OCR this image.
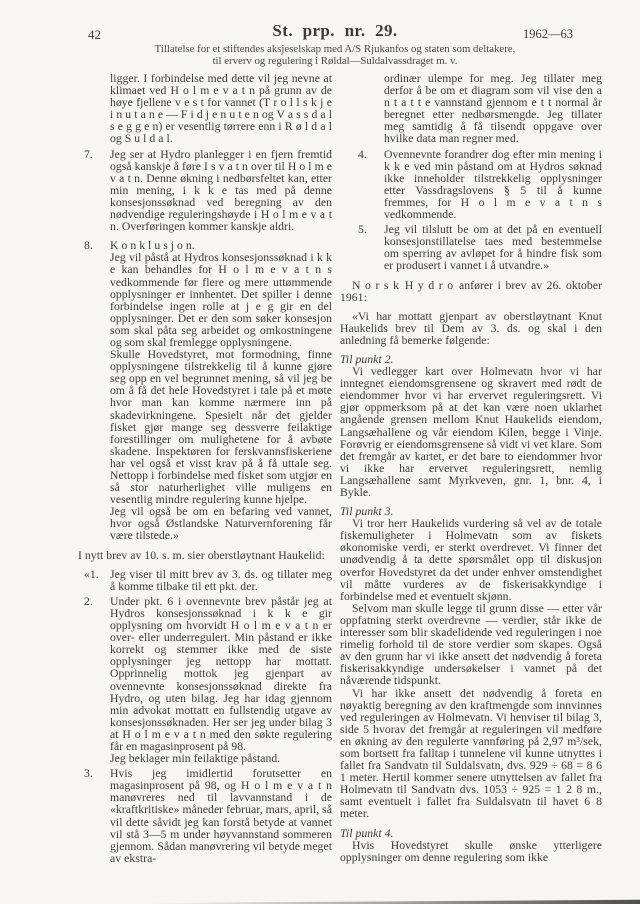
42	St. prp. nr. 29.	1962—63
Tillatelse for et stiftendes aksjeselskap med A/S Rjukanfos og staten som deltakere,
til erverv og regulering i Røldal—Suldalvassdraget m. v.
ligger. I forbindelse med dette vil jeg nevne at klimaet ved H o l m e v a t n på grunn av de høye fjellene v e s t for vannet (T r o l l s k j e i n u t a n e — F i d j e n u t e n og V a s s d a l s e g g e n) er vesentlig tørrere enn i R ø l d a l og S u l d a l.
7. Jeg ser at Hydro planlegger i en fjern fremtid også kanskje å føre I s v a t n over til H o l m e v a t n. Denne økning i nedbørsfeltet kan, etter min mening, i k k e tas med på denne konsesjonssøknad ved beregning av den nødvendige reguleringshøyde i H o l m e v a t n. Overføringen kommer kanskje aldri.

8. K o n k l u s j o n.

Jeg vil påstå at Hydros konsesjonssøknad i k k e kan behandles for H o l m e v a t n s vedkommende før flere og mere uttømmende opplysninger er innhentet. Det spiller i denne forbindelse ingen rolle at j e g gir en del opplysninger. Det er den som søker konsesjon som skal påta seg arbeidet og omkostningene og som skal fremlegge opplysningene.

Skulle Hovedstyret, mot formodning, finne opplysningene tilstrekkelig til å kunne gjøre seg opp en vel begrunnet mening, så vil jeg be om å få det hele Hovedstyret i tale på et møte hvor man kan komme nærmere inn på skadevirkningene. Spesielt når det gjelder fisket gjør mange seg dessverre feilaktige forestillinger om mulighetene for å avbøte skadene. Inspektøren for ferskvannsfiskeriene har vel også et visst krav på å få uttale seg. Nettopp i forbindelse med fisket som utgjør en så stor naturherlighet ville muligens en vesentlig mindre regulering kunne hjelpe.

Jeg vil også be om en befaring ved vannet, hvor også Østlandske Naturvernforening får være tilstede.»

I nytt brev av 10. s. m. sier oberstløytnant Haukelid:
«1. Jeg viser til mitt brev av 3. ds. og tillater meg å komme tilbake til ett pkt. der.

2. Under pkt. 6 i ovennevnte brev påstår jeg at Hydros konsesjonssøknad i k k e gir opplysning om hvorvidt H o l m e v a t n er over- eller underregulert. Min påstand er ikke korrekt og stemmer ikke med de siste opplysninger jeg nettopp har mottatt. Opprinnelig mottok jeg gjenpart av ovennevnte konsesjonssøknad direkte fra Hydro, og uten bilag. Jeg har idag gjennom min advokat mottatt en fullstendig utgave av konsesjonssøknaden. Her ser jeg under bilag 3 at H o l m e v a t n med den søkte regulering får en magasinprosent på 98.

Jeg beklager min feilaktige påstand.

3. Hvis jeg imidlertid forutsetter en magasinprosent på 98, og H o l m e v a t n manøvreres ned til lavvannstand i de «kraftkritiske» måneder februar, mars, april, så vil dette såvidt jeg kan forstå betyde at vannet vil stå 3—5 m under høyvannstand sommeren gjennom. Sådan manøvrering vil betyde meget av ekstra-

ordinær ulempe for meg. Jeg tillater meg derfor å be om et diagram som vil vise den a n t a t t e vannstand gjennom e t t normal år beregnet etter nedbørsmengde. Jeg tillater meg samtidig å få tilsendt oppgave over hvilke data man regner med.
4. Ovennevnte forandrer dog efter min mening i k k e ved min påstand om at Hydros søknad ikke inneholder tilstrekkelig opplysninger etter Vassdragslovens § 5 til å kunne fremmes, for H o l m e v a t n s vedkommende.

5. Jeg vil tilslutt be om at det på en eventuell konsesjonstillatelse taes med bestemmelse om sperring av avløpet for å hindre fisk som er produsert i vannet i å utvandre.»

N o r s k H y d r o anfører i brev av 26. oktober 1961:
«Vi har mottatt gjenpart av oberstløytnant Knut Haukelids brev til Dem av 3. ds. og skal i den anledning få bemerke følgende:
Til punkt 2.
Vi vedlegger kart over Holmevatn hvor vi har inntegnet eiendomsgrensene og skravert med rødt de eiendommer hvor vi har ervervet reguleringsrett. Vi gjør oppmerksom på at det kan være noen uklarhet angående grensen mellom Knut Haukelids eiendom, Langsæhallene og vår eiendom Kilen, begge i Vinje. Forøvrig er eiendomsgrensene så vidt vi vet klare. Som det fremgår av kartet, er det bare to eiendommer hvor vi ikke har ervervet reguleringsrett, nemlig Langsæhallene samt Myrkveven, gnr. 1, bnr. 4, i Bykle.
Til punkt 3.
Vi tror herr Haukelids vurdering så vel av de totale fiskemuligheter i Holmevatn som av fiskets økonomiske verdi, er sterkt overdrevet. Vi finner det unødvendig å ta dette spørsmålet opp til diskusjon overfor Hovedstyret da det under enhver omstendighet vil måtte vurderes av de fiskerisakkyndige i forbindelse med et eventuelt skjønn.
Selvom man skulle legge til grunn disse — etter vår oppfatning sterkt overdrevne — verdier, står ikke de interesser som blir skadelidende ved reguleringen i noe rimelig forhold til de store verdier som skapes. Også av den grunn har vi ikke ansett det nødvendig å foreta fiskerisakkyndige undersøkelser i vannet på det nåværende tidspunkt.
Vi har ikke ansett det nødvendig å foreta en nøyaktig beregning av den kraftmengde som innvinnes ved reguleringen av Holmevatn. Vi henviser til bilag 3, side 5 hvorav det fremgår at reguleringen vil medføre en økning av den regulerte vannføring på 2,97 m³/sek, som bortsett fra falltap i tunnelene vil kunne utnyttes i fallet fra Sandvatn til Suldalsvatn, dvs. 929 ÷ 68 = 8 6 1 meter. Hertil kommer senere utnyttelsen av fallet fra Holmevatn til Sandvatn dvs. 1053 ÷ 925 = 1 2 8 m., samt eventuelt i fallet fra Suldalsvatn til havet 6 8 meter.
Til punkt 4.
Hvis Hovedstyret skulle ønske ytterligere opplysninger om denne regulering som ikke
